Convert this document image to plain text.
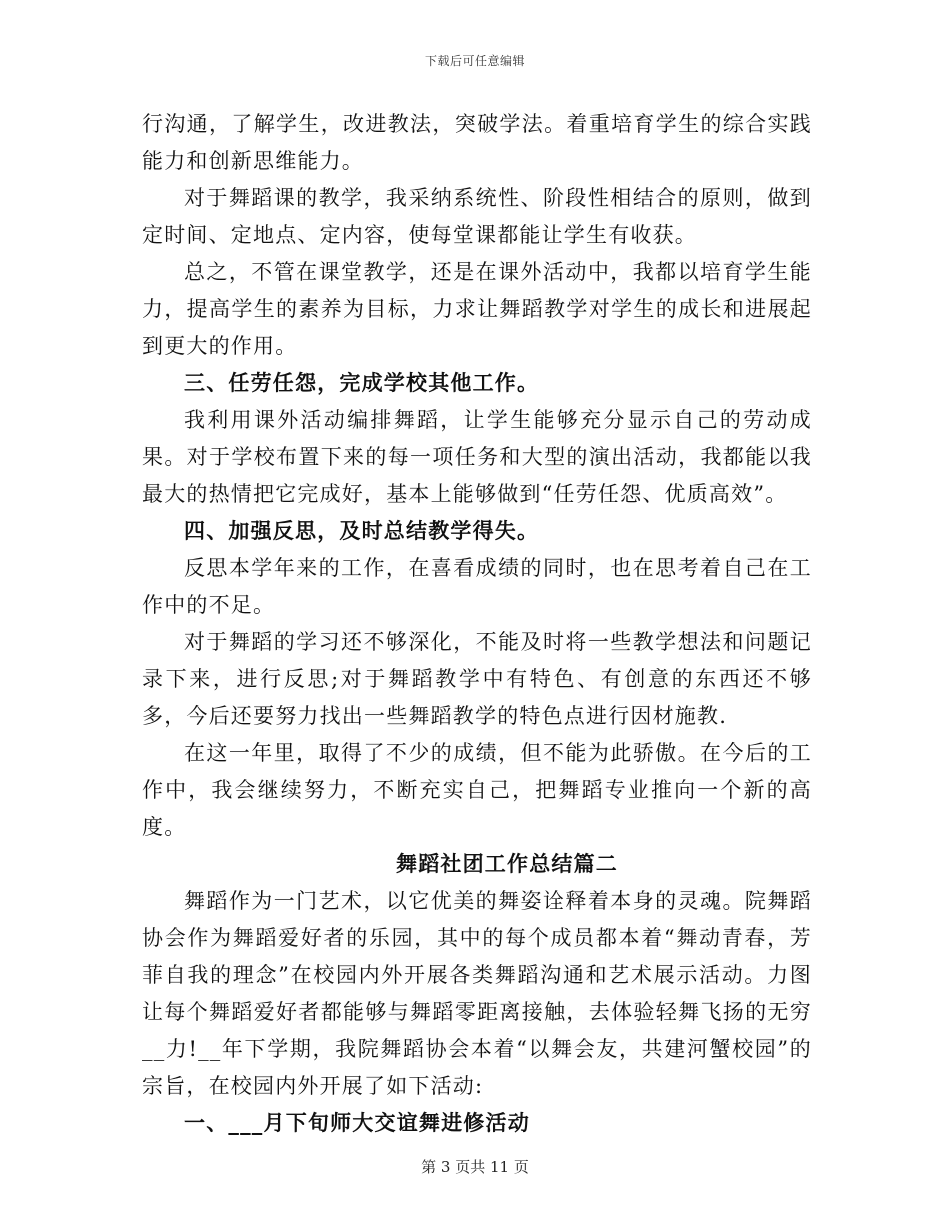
下载后可任意编辑

行沟通，了解学生，改进教法，突破学法。着重培育学生的综合实践能力和创新思维能力。

对于舞蹈课的教学，我采纳系统性、阶段性相结合的原则，做到定时间、定地点、定内容，使每堂课都能让学生有收获。

总之，不管在课堂教学，还是在课外活动中，我都以培育学生能力，提高学生的素养为目标，力求让舞蹈教学对学生的成长和进展起到更大的作用。

三、任劳任怨，完成学校其他工作。

我利用课外活动编排舞蹈，让学生能够充分显示自己的劳动成果。对于学校布置下来的每一项任务和大型的演出活动，我都能以我最大的热情把它完成好，基本上能够做到“任劳任怨、优质高效”。

四、加强反思，及时总结教学得失。

反思本学年来的工作，在喜看成绩的同时，也在思考着自己在工作中的不足。

对于舞蹈的学习还不够深化，不能及时将一些教学想法和问题记录下来，进行反思;对于舞蹈教学中有特色、有创意的东西还不够多，今后还要努力找出一些舞蹈教学的特色点进行因材施教.

在这一年里，取得了不少的成绩，但不能为此骄傲。在今后的工作中，我会继续努力，不断充实自己，把舞蹈专业推向一个新的高度。

舞蹈社团工作总结篇二

舞蹈作为一门艺术，以它优美的舞姿诠释着本身的灵魂。院舞蹈协会作为舞蹈爱好者的乐园，其中的每个成员都本着“舞动青春，芳菲自我的理念”在校园内外开展各类舞蹈沟通和艺术展示活动。力图让每个舞蹈爱好者都能够与舞蹈零距离接触，去体验轻舞飞扬的无穷__力!__年下学期，我院舞蹈协会本着“以舞会友，共建河蟹校园”的宗旨，在校园内外开展了如下活动:

一、___月下旬师大交谊舞进修活动

第 3 页共 11 页
